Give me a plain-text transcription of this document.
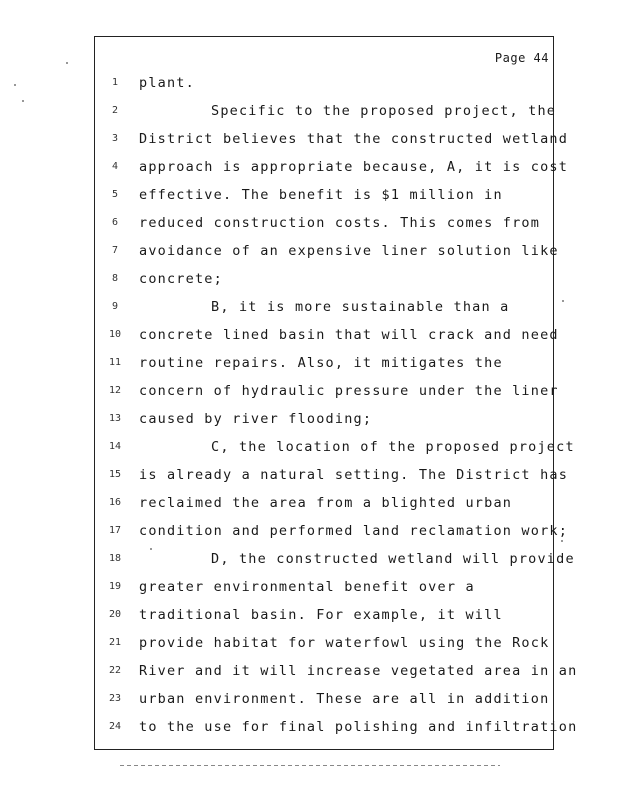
Page 44
1
2
3
4
5
6
7
8
9
10
11
12
13
14
15
16
17
18
19
20
21
22
23
24
plant.
Specific to the proposed project, the
District believes that the constructed wetland
approach is appropriate because, A, it is cost
effective. The benefit is $1 million in
reduced construction costs. This comes from
avoidance of an expensive liner solution like
concrete;
B, it is more sustainable than a
concrete lined basin that will crack and need
routine repairs. Also, it mitigates the
concern of hydraulic pressure under the liner
caused by river flooding;
C, the location of the proposed project
is already a natural setting. The District has
reclaimed the area from a blighted urban
condition and performed land reclamation work;
D, the constructed wetland will provide
greater environmental benefit over a
traditional basin. For example, it will
provide habitat for waterfowl using the Rock
River and it will increase vegetated area in an
urban environment. These are all in addition
to the use for final polishing and infiltration
